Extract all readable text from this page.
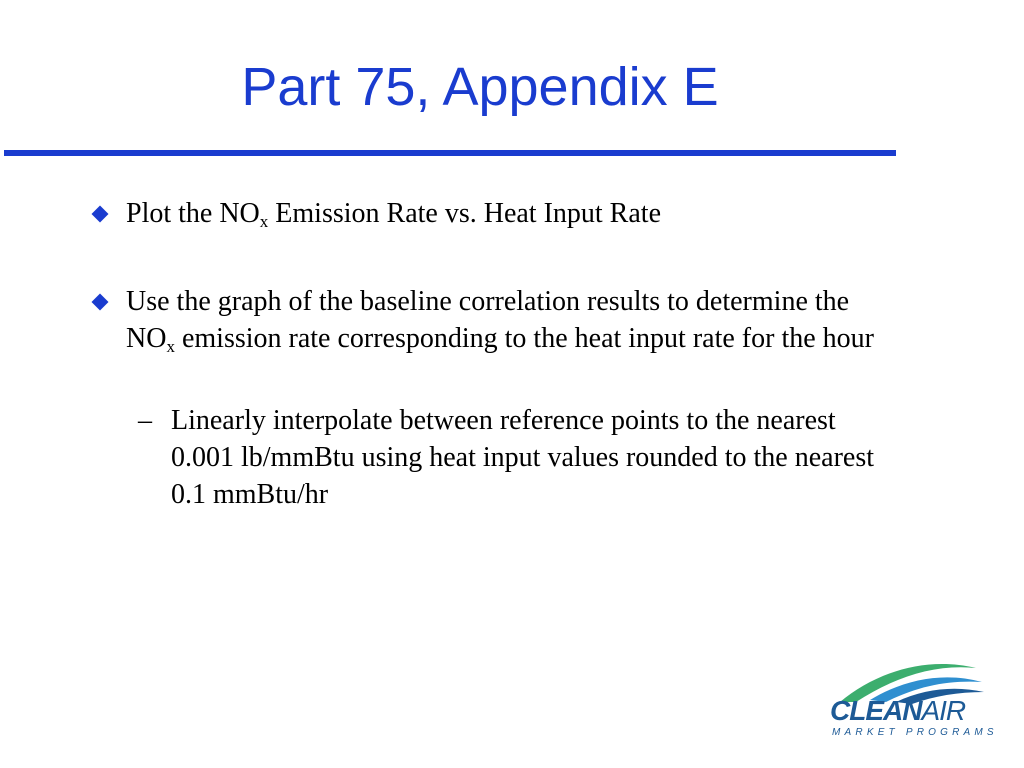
Part 75, Appendix E
Plot the $NO_x$ Emission Rate vs. Heat Input Rate
Use the graph of the baseline correlation results to determine the $NO_x$ emission rate corresponding to the heat input rate for the hour
– Linearly interpolate between reference points to the nearest 0.001 lb/mmBtu using heat input values rounded to the nearest 0.1 mmBtu/hr
CLEANAIR
MARKET PROGRAMS
